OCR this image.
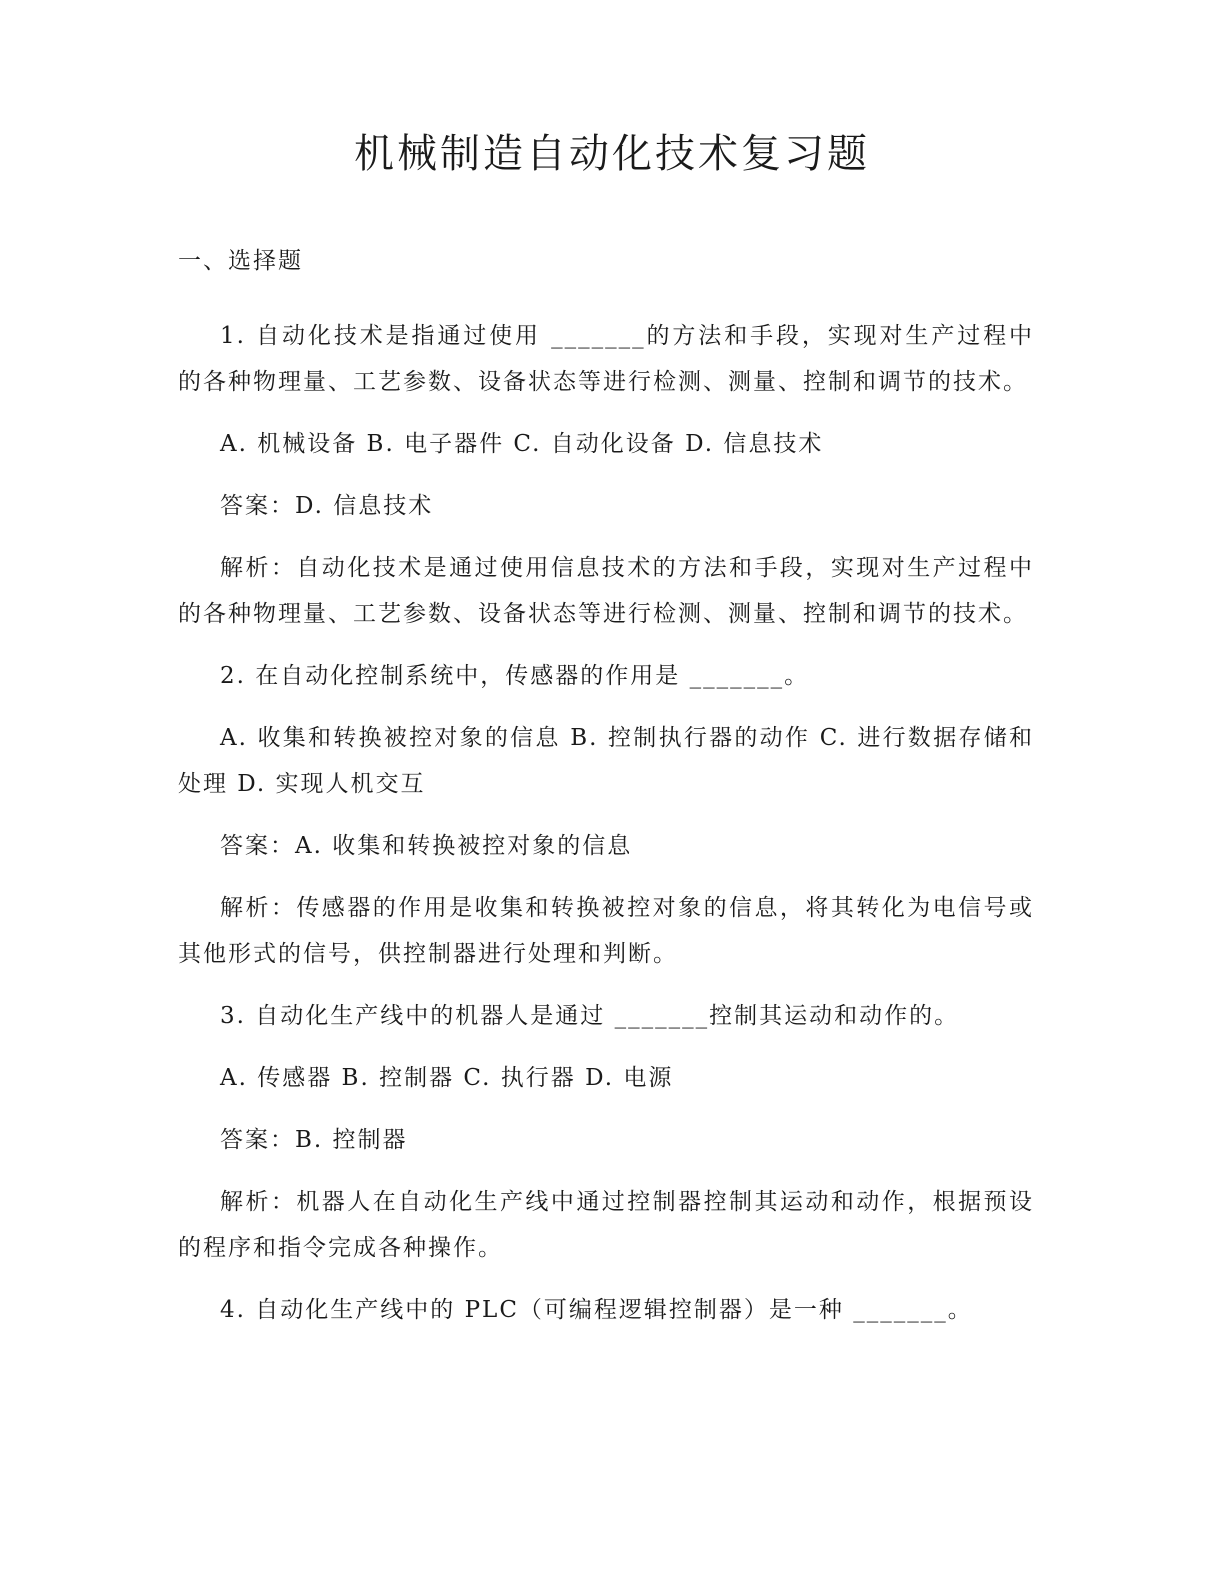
机械制造自动化技术复习题
一、选择题

1. 自动化技术是指通过使用 _______的方法和手段，实现对生产过程中的各种物理量、工艺参数、设备状态等进行检测、测量、控制和调节的技术。

A. 机械设备 B. 电子器件 C. 自动化设备 D. 信息技术

答案：D. 信息技术

解析：自动化技术是通过使用信息技术的方法和手段，实现对生产过程中的各种物理量、工艺参数、设备状态等进行检测、测量、控制和调节的技术。

2. 在自动化控制系统中，传感器的作用是 _______。

A. 收集和转换被控对象的信息 B. 控制执行器的动作 C. 进行数据存储和处理 D. 实现人机交互

答案：A. 收集和转换被控对象的信息

解析：传感器的作用是收集和转换被控对象的信息，将其转化为电信号或其他形式的信号，供控制器进行处理和判断。

3. 自动化生产线中的机器人是通过 _______控制其运动和动作的。

A. 传感器 B. 控制器 C. 执行器 D. 电源

答案：B. 控制器

解析：机器人在自动化生产线中通过控制器控制其运动和动作，根据预设的程序和指令完成各种操作。

4. 自动化生产线中的 PLC（可编程逻辑控制器）是一种 _______。
